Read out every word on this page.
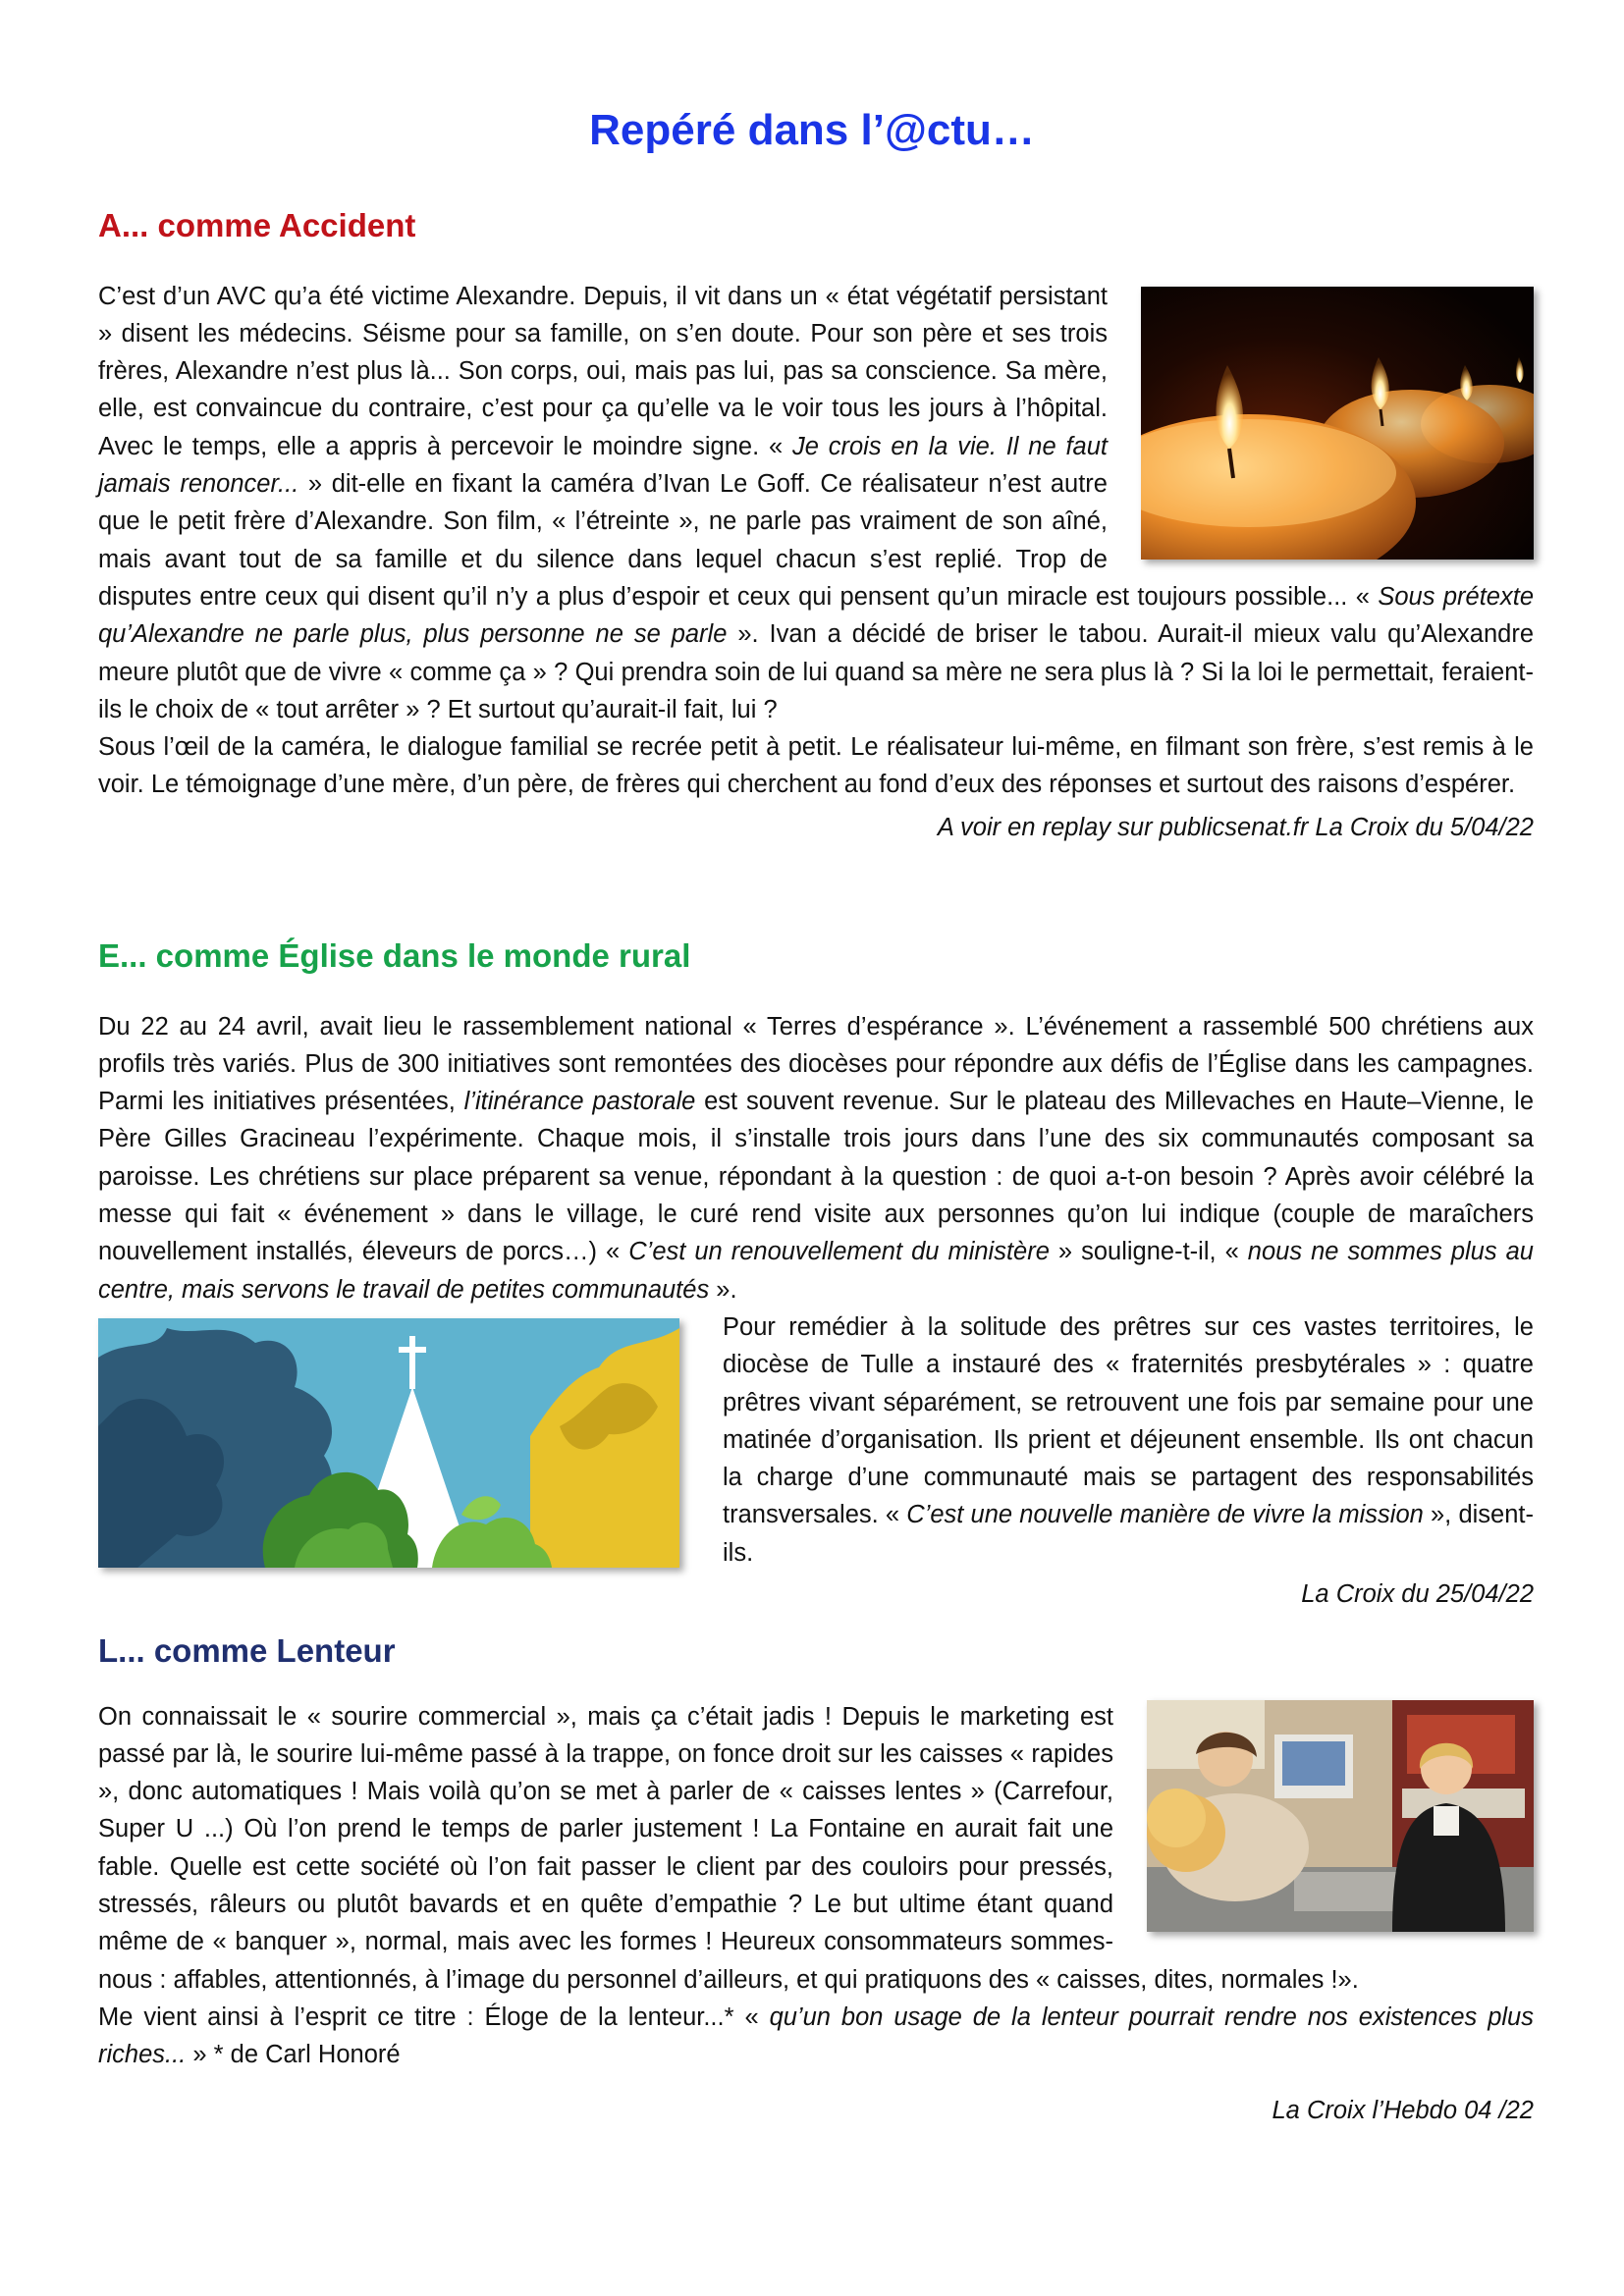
Repéré dans l’@ctu…
A... comme Accident

C’est d’un AVC qu’a été victime Alexandre. Depuis, il vit dans un « état végétatif persistant » disent les médecins. Séisme pour sa famille, on s’en doute. Pour son père et ses trois frères, Alexandre n’est plus là... Son corps, oui, mais pas lui, pas sa conscience. Sa mère, elle, est convaincue du contraire, c’est pour ça qu’elle va le voir tous les jours à l’hôpital. Avec le temps, elle a appris à percevoir le moindre signe. « Je crois en la vie. Il ne faut jamais renoncer... » dit-elle en fixant la caméra d’Ivan Le Goff. Ce réalisateur n’est autre que le petit frère d’Alexandre. Son film, « l’étreinte », ne parle pas vraiment de son aîné, mais avant tout de sa famille et du silence dans lequel chacun s’est replié. Trop de disputes entre ceux qui disent qu’il n’y a plus d’espoir et ceux qui pensent qu’un miracle est toujours possible... « Sous prétexte qu’Alexandre ne parle plus, plus personne ne se parle ». Ivan a décidé de briser le tabou. Aurait-il mieux valu qu’Alexandre meure plutôt que de vivre « comme ça » ? Qui prendra soin de lui quand sa mère ne sera plus là ? Si la loi le permettait, feraient-ils le choix de « tout arrêter » ? Et surtout qu’aurait-il fait, lui ?

Sous l’œil de la caméra, le dialogue familial se recrée petit à petit. Le réalisateur lui-même, en filmant son frère, s’est remis à le voir. Le témoignage d’une mère, d’un père, de frères qui cherchent au fond d’eux des réponses et surtout des raisons d’espérer.

A voir en replay sur publicsenat.fr La Croix du 5/04/22

E... comme Église dans le monde rural

Du 22 au 24 avril, avait lieu le rassemblement national « Terres d’espérance ». L’événement a rassemblé 500 chrétiens aux profils très variés. Plus de 300 initiatives sont remontées des diocèses pour répondre aux défis de l’Église dans les campagnes. Parmi les initiatives présentées, l’itinérance pastorale est souvent revenue. Sur le plateau des Millevaches en Haute–Vienne, le Père Gilles Gracineau l’expérimente. Chaque mois, il s’installe trois jours dans l’une des six communautés composant sa paroisse. Les chrétiens sur place préparent sa venue, répondant à la question : de quoi a-t-on besoin ? Après avoir célébré la messe qui fait « événement » dans le village, le curé rend visite aux personnes qu’on lui indique (couple de maraîchers nouvellement installés, éleveurs de porcs…) « C’est un renouvellement du ministère » souligne-t-il, « nous ne sommes plus au centre, mais servons le travail de petites communautés ».

Pour remédier à la solitude des prêtres sur ces vastes territoires, le diocèse de Tulle a instauré des « fraternités presbytérales » : quatre prêtres vivant séparément, se retrouvent une fois par semaine pour une matinée d’organisation. Ils prient et déjeunent ensemble. Ils ont chacun la charge d’une communauté mais se partagent des responsabilités transversales. « C’est une nouvelle manière de vivre la mission », disent-ils.

La Croix du 25/04/22

L... comme Lenteur

On connaissait le « sourire commercial », mais ça c’était jadis ! Depuis le marketing est passé par là, le sourire lui-même passé à la trappe, on fonce droit sur les caisses « rapides », donc automatiques ! Mais voilà qu’on se met à parler de « caisses lentes » (Carrefour, Super U ...) Où l’on prend le temps de parler justement ! La Fontaine en aurait fait une fable. Quelle est cette société où l’on fait passer le client par des couloirs pour pressés, stressés, râleurs ou plutôt bavards et en quête d’empathie ? Le but ultime étant quand même de « banquer », normal, mais avec les formes ! Heureux consommateurs sommes-nous : affables, attentionnés, à l’image du personnel d’ailleurs, et qui pratiquons des « caisses, dites, normales !».

Me vient ainsi à l’esprit ce titre : Éloge de la lenteur...* « qu’un bon usage de la lenteur pourrait rendre nos existences plus riches... » * de Carl Honoré

La Croix l’Hebdo 04 /22
